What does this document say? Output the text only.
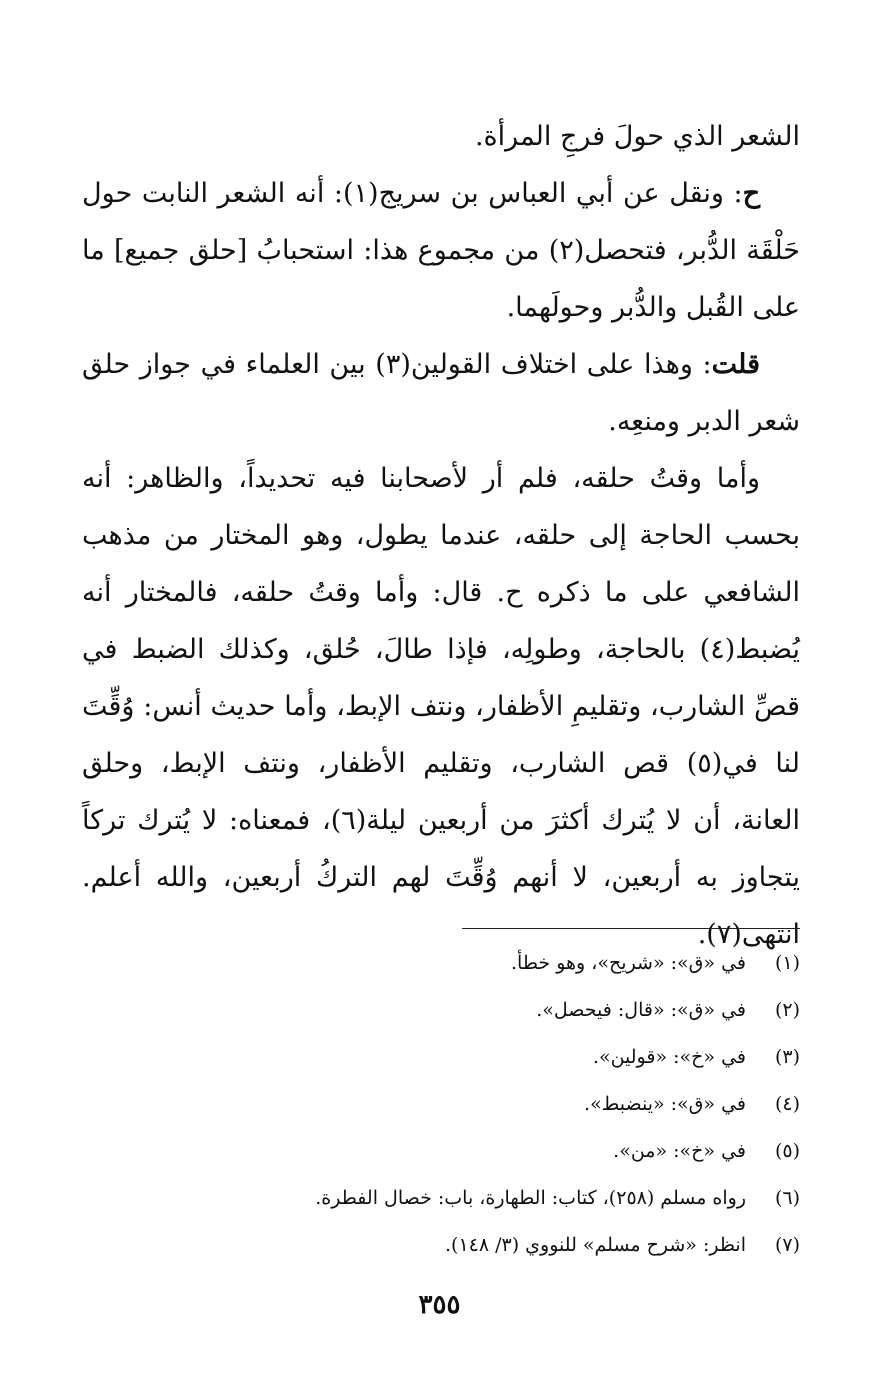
الشعر الذي حولَ فرجِ المرأة.

ح: ونقل عن أبي العباس بن سريج(١): أنه الشعر النابت حول حَلْقَة الدُّبر، فتحصل(٢) من مجموع هذا: استحبابُ [حلق جميع] ما على القُبل والدُّبر وحولَهما.

قلت: وهذا على اختلاف القولين(٣) بين العلماء في جواز حلق شعر الدبر ومنعِه.

وأما وقتُ حلقه، فلم أر لأصحابنا فيه تحديداً، والظاهر: أنه بحسب الحاجة إلى حلقه، عندما يطول، وهو المختار من مذهب الشافعي على ما ذكره ح. قال: وأما وقتُ حلقه، فالمختار أنه يُضبط(٤) بالحاجة، وطولِه، فإذا طالَ، حُلق، وكذلك الضبط في قصِّ الشارب، وتقليمِ الأظفار، ونتف الإبط، وأما حديث أنس: وُقِّتَ لنا في(٥) قص الشارب، وتقليم الأظفار، ونتف الإبط، وحلق العانة، أن لا يُترك أكثرَ من أربعين ليلة(٦)، فمعناه: لا يُترك تركاً يتجاوز به أربعين، لا أنهم وُقِّتَ لهم التركُ أربعين، والله أعلم. انتهى(٧).

(١)في «ق»: «شريح»، وهو خطأ.
(٢)في «ق»: «قال: فيحصل».
(٣)في «خ»: «قولين».
(٤)في «ق»: «ينضبط».
(٥)في «خ»: «من».
(٦)رواه مسلم (٢٥٨)، كتاب: الطهارة، باب: خصال الفطرة.
(٧)انظر: «شرح مسلم» للنووي (٣/ ١٤٨).
٣٥٥
